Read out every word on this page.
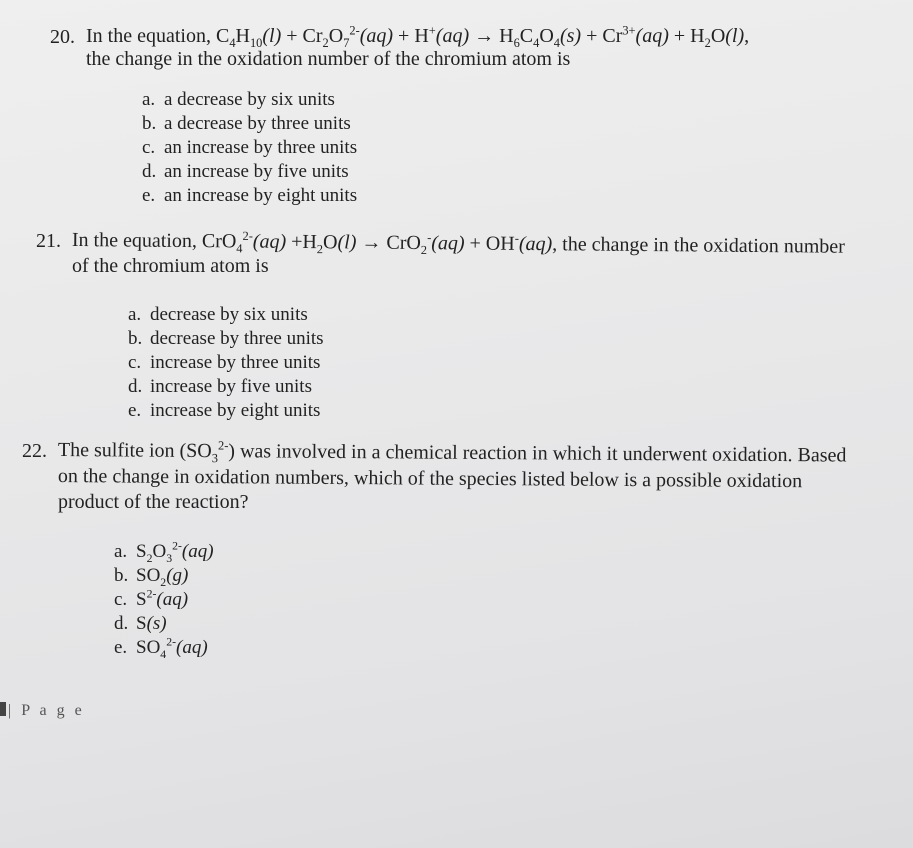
20. In the equation, $C_4H_{10}(l) + Cr_2O_7^{2-}(aq) + H^+(aq) \to H_6C_4O_4(s) + Cr^{3+}(aq) + H_2O(l)$,
the change in the oxidation number of the chromium atom is
a. a decrease by six units
b. a decrease by three units
c. an increase by three units
d. an increase by five units
e. an increase by eight units
21. In the equation, $CrO_4^{2-}(aq) +H_2O(l) \to CrO_2^-(aq) + OH^-(aq)$, the change in the oxidation number
of the chromium atom is
a. decrease by six units
b. decrease by three units
c. increase by three units
d. increase by five units
e. increase by eight units
22. The sulfite ion $(SO_3^{2-})$ was involved in a chemical reaction in which it underwent oxidation. Based
on the change in oxidation numbers, which of the species listed below is a possible oxidation
product of the reaction?
a. $S_2O_3^{2-}(aq)$
b. $SO_2(g)$
c. $S^{2-}(aq)$
d. S(s)
e. $SO_4^{2-}(aq)$
| P a g e
